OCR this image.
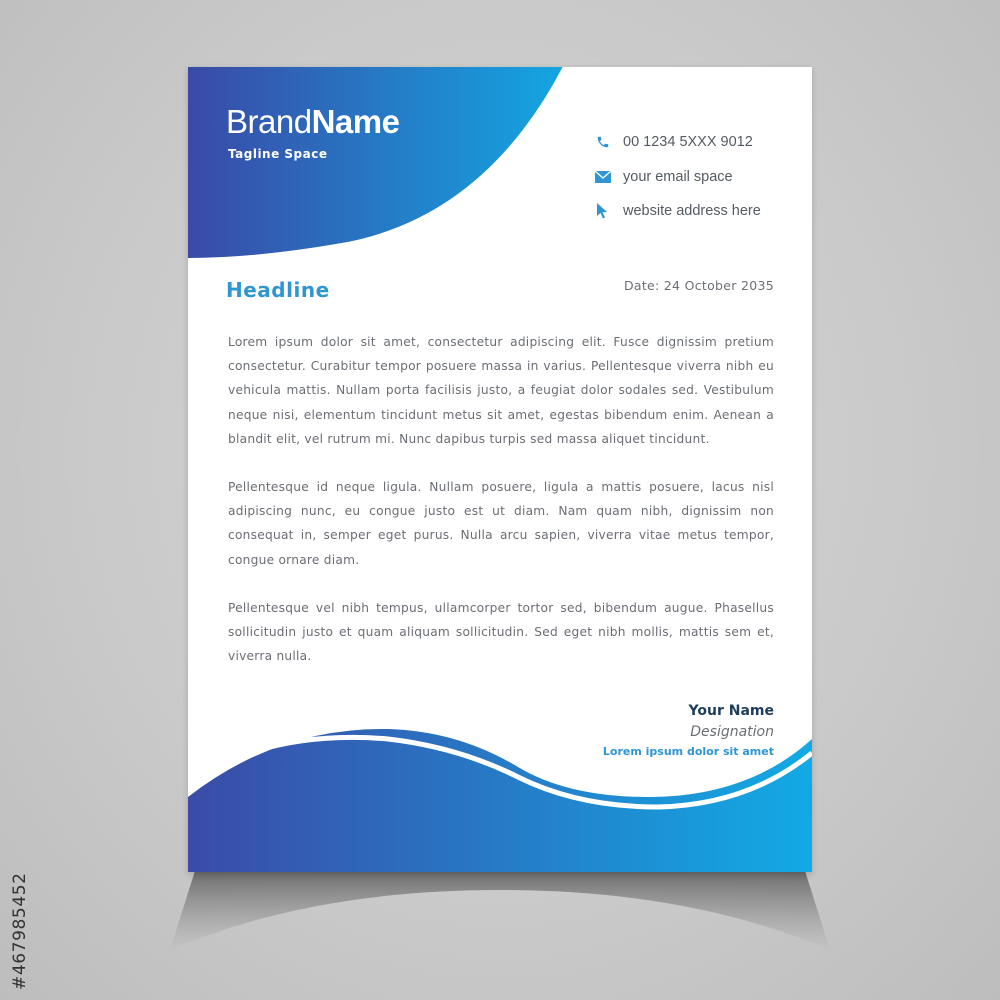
BrandName
Tagline Space
00 1234 5XXX 9012
your email space
website address here
Headline	Date: 24 October 2035

Lorem ipsum dolor sit amet, consectetur adipiscing elit. Fusce dignissim pretium consectetur. Curabitur tempor posuere massa in varius. Pellentesque viverra nibh eu vehicula mattis. Nullam porta facilisis justo, a feugiat dolor sodales sed. Vestibulum neque nisi, elementum tincidunt metus sit amet, egestas bibendum enim. Aenean a blandit elit, vel rutrum mi. Nunc dapibus turpis sed massa aliquet tincidunt.

Pellentesque id neque ligula. Nullam posuere, ligula a mattis posuere, lacus nisl adipiscing nunc, eu congue justo est ut diam. Nam quam nibh, dignissim non consequat in, semper eget purus. Nulla arcu sapien, viverra vitae metus tempor, congue ornare diam.

Pellentesque vel nibh tempus, ullamcorper tortor sed, bibendum augue. Phasellus sollicitudin justo et quam aliquam sollicitudin. Sed eget nibh mollis, mattis sem et, viverra nulla.

Your Name
Designation
Lorem ipsum dolor sit amet
#467985452
